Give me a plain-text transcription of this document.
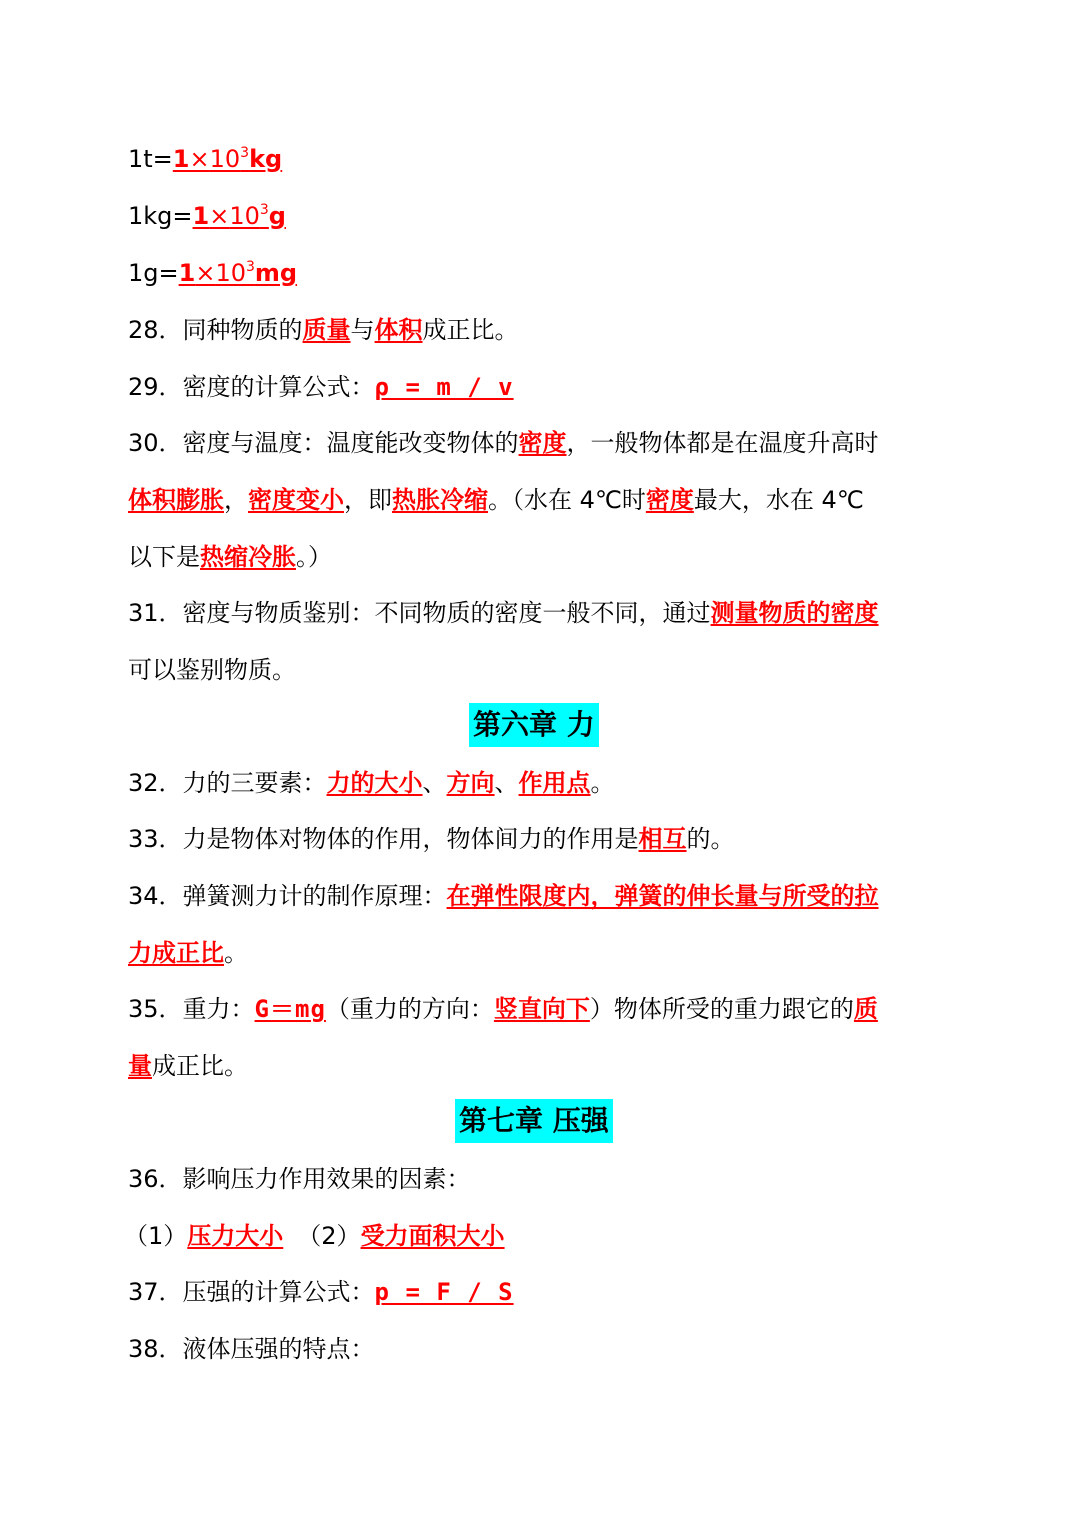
$1t=1\times 10^3kg$
$1kg=1\times 10^3g$
$1g=1\times 10^3mg$
28．同种物质的质量与体积成正比。
29．密度的计算公式：ρ = m / v
30．密度与温度：温度能改变物体的密度，一般物体都是在温度升高时
体积膨胀，密度变小，即热胀冷缩。（水在 4℃时密度最大，水在 4℃
以下是热缩冷胀。）
31．密度与物质鉴别：不同物质的密度一般不同，通过测量物质的密度
可以鉴别物质。
第六章 力
32．力的三要素：力的大小、方向、作用点。
33．力是物体对物体的作用，物体间力的作用是相互的。
34．弹簧测力计的制作原理：在弹性限度内，弹簧的伸长量与所受的拉
力成正比。
35．重力：G＝mg（重力的方向：竖直向下）物体所受的重力跟它的质
量成正比。
第七章 压强
36．影响压力作用效果的因素：
（1）压力大小 （2）受力面积大小
37．压强的计算公式：p = F / S
38．液体压强的特点：
